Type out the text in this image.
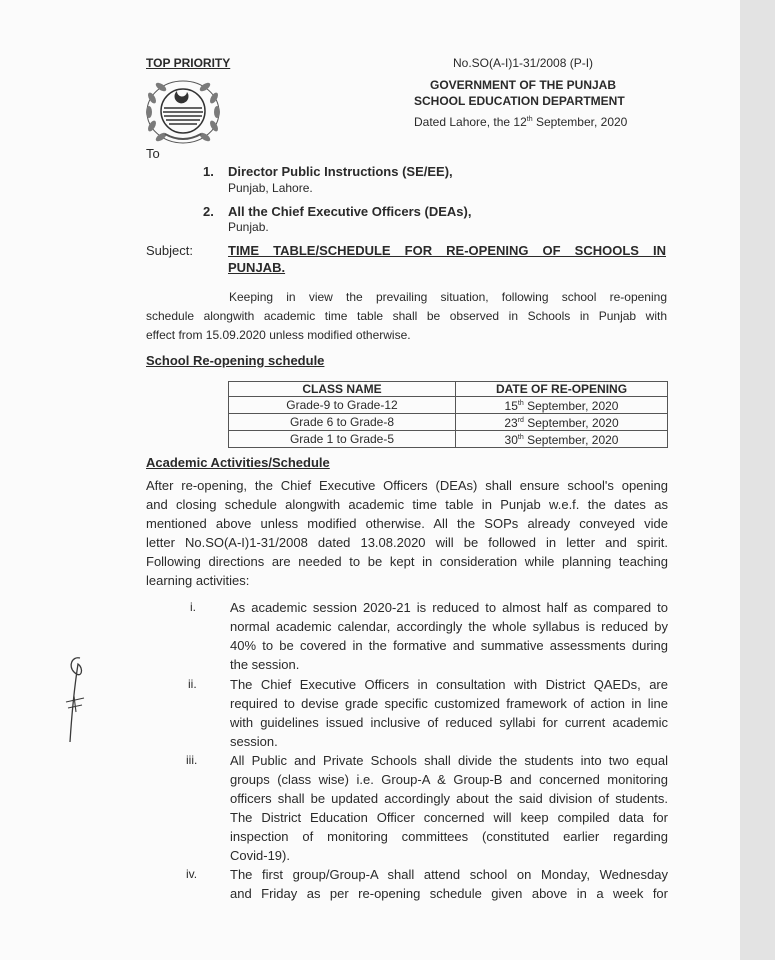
TOP PRIORITY	No.SO(A-I)1-31/2008 (P-I)
GOVERNMENT OF THE PUNJAB
SCHOOL EDUCATION DEPARTMENT
Dated Lahore, the 12th September, 2020
To
1. Director Public Instructions (SE/EE),
Punjab, Lahore.
2. All the Chief Executive Officers (DEAs),
Punjab.
Subject:	TIME TABLE/SCHEDULE FOR RE-OPENING OF SCHOOLS IN
PUNJAB.
Keeping in view the prevailing situation, following school re-opening
schedule alongwith academic time table shall be observed in Schools in Punjab with
effect from 15.09.2020 unless modified otherwise.
School Re-opening schedule
CLASS NAME	DATE OF RE-OPENING
Grade-9 to Grade-12	15th September, 2020
Grade 6 to Grade-8	23rd September, 2020
Grade 1 to Grade-5	30th September, 2020
Academic Activities/Schedule
After re-opening, the Chief Executive Officers (DEAs) shall ensure school's opening
and closing schedule alongwith academic time table in Punjab w.e.f. the dates as
mentioned above unless modified otherwise. All the SOPs already conveyed vide
letter No.SO(A-I)1-31/2008 dated 13.08.2020 will be followed in letter and spirit.
Following directions are needed to be kept in consideration while planning teaching
learning activities:
i.	As academic session 2020-21 is reduced to almost half as compared to
normal academic calendar, accordingly the whole syllabus is reduced by
40% to be covered in the formative and summative assessments during
the session.
ii.	The Chief Executive Officers in consultation with District QAEDs, are
required to devise grade specific customized framework of action in line
with guidelines issued inclusive of reduced syllabi for current academic
session.
iii.	All Public and Private Schools shall divide the students into two equal
groups (class wise) i.e. Group-A & Group-B and concerned monitoring
officers shall be updated accordingly about the said division of students.
The District Education Officer concerned will keep compiled data for
inspection of monitoring committees (constituted earlier regarding
Covid-19).
iv.	The first group/Group-A shall attend school on Monday, Wednesday
and Friday as per re-opening schedule given above in a week for
